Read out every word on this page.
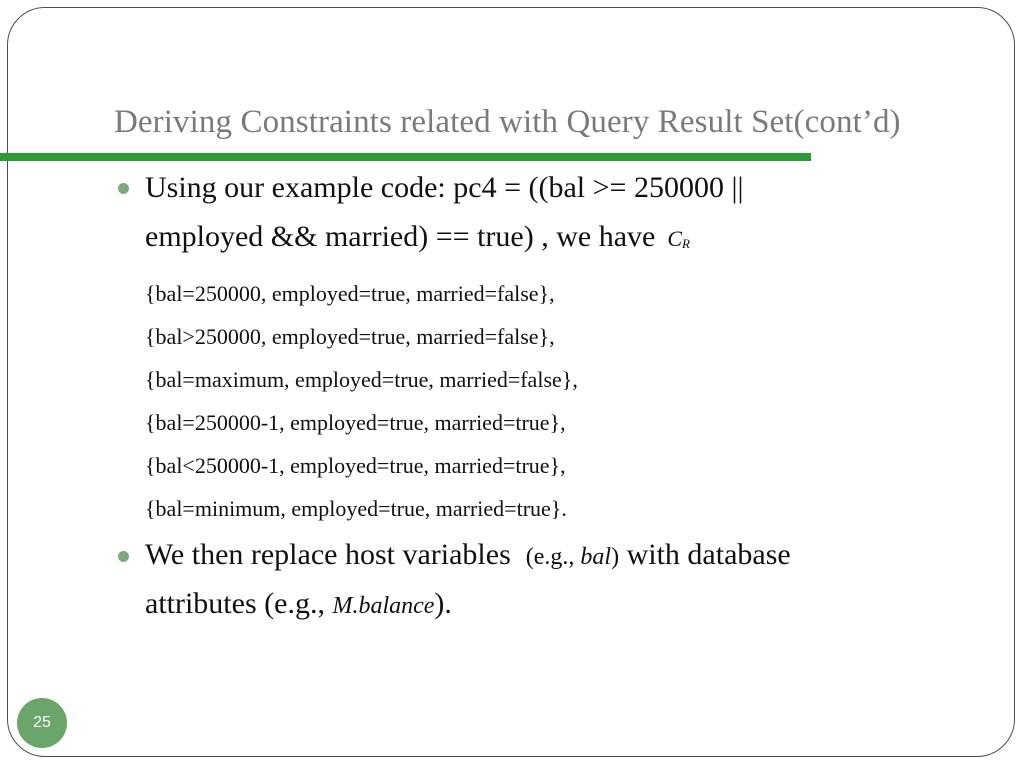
Deriving Constraints related with Query Result Set(cont’d)
Using our example code: pc4 = ((bal >= 250000 ||
employed && married) == true) , we have $C_R$
{bal=250000, employed=true, married=false},
{bal>250000, employed=true, married=false},
{bal=maximum, employed=true, married=false},
{bal=250000-1, employed=true, married=true},
{bal<250000-1, employed=true, married=true},
{bal=minimum, employed=true, married=true}.
We then replace host variables (e.g., bal) with database
attributes (e.g., M.balance).
25
